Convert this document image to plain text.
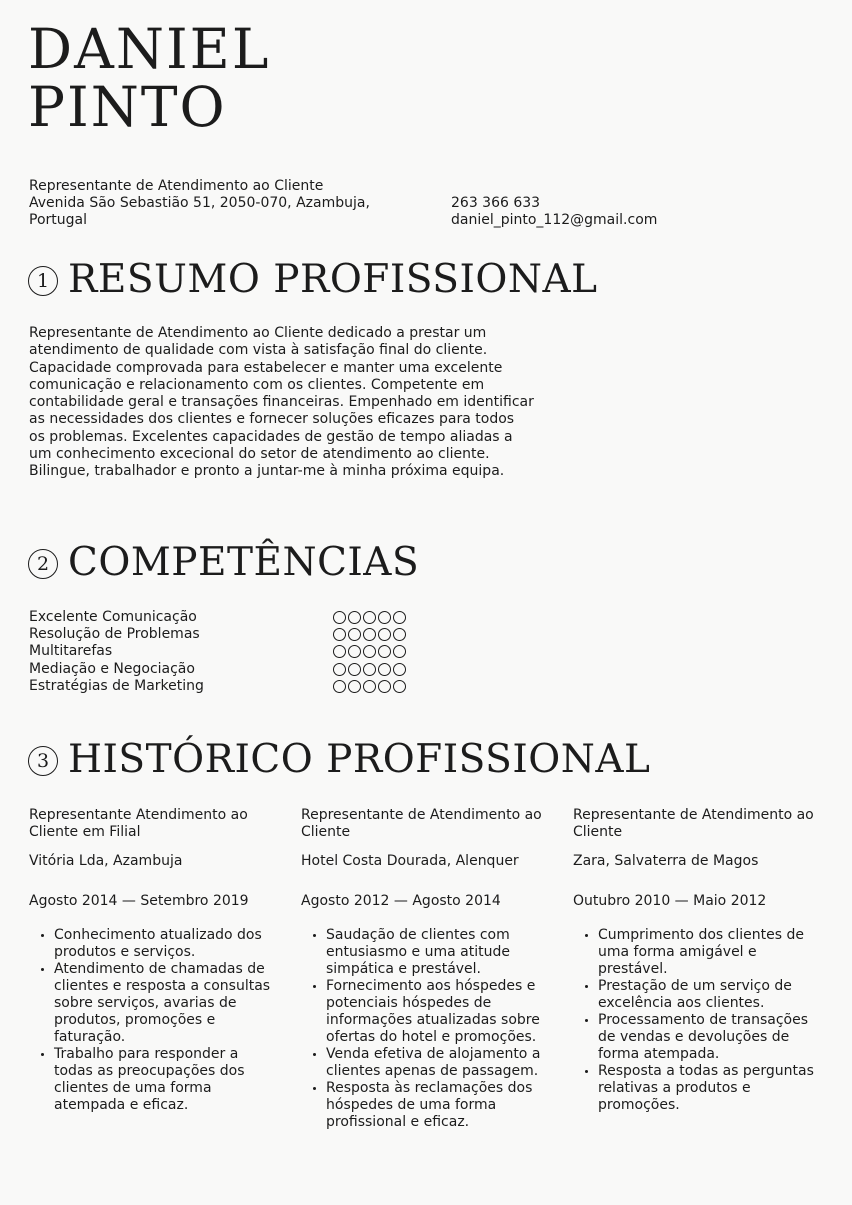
DANIEL
PINTO
Representante de Atendimento ao Cliente
Avenida São Sebastião 51, 2050-070, Azambuja, Portugal
263 366 633
daniel_pinto_112@gmail.com
1 RESUMO PROFISSIONAL

Representante de Atendimento ao Cliente dedicado a prestar um atendimento de qualidade com vista à satisfação final do cliente. Capacidade comprovada para estabelecer e manter uma excelente comunicação e relacionamento com os clientes. Competente em contabilidade geral e transações financeiras. Empenhado em identificar as necessidades dos clientes e fornecer soluções eficazes para todos os problemas. Excelentes capacidades de gestão de tempo aliadas a um conhecimento excecional do setor de atendimento ao cliente. Bilingue, trabalhador e pronto a juntar-me à minha próxima equipa.

2 COMPETÊNCIAS
Excelente Comunicação
Resolução de Problemas
Multitarefas
Mediação e Negociação
Estratégias de Marketing
3 HISTÓRICO PROFISSIONAL
Representante Atendimento ao Cliente em Filial
Vitória Lda, Azambuja
Agosto 2014 — Setembro 2019
Conhecimento atualizado dos produtos e serviços.
Atendimento de chamadas de clientes e resposta a consultas sobre serviços, avarias de produtos, promoções e faturação.
Trabalho para responder a todas as preocupações dos clientes de uma forma atempada e eficaz.
Representante de Atendimento ao Cliente
Hotel Costa Dourada, Alenquer
Agosto 2012 — Agosto 2014
Saudação de clientes com entusiasmo e uma atitude simpática e prestável.
Fornecimento aos hóspedes e potenciais hóspedes de informações atualizadas sobre ofertas do hotel e promoções.
Venda efetiva de alojamento a clientes apenas de passagem.
Resposta às reclamações dos hóspedes de uma forma profissional e eficaz.
Representante de Atendimento ao Cliente
Zara, Salvaterra de Magos
Outubro 2010 — Maio 2012
Cumprimento dos clientes de uma forma amigável e prestável.
Prestação de um serviço de excelência aos clientes.
Processamento de transações de vendas e devoluções de forma atempada.
Resposta a todas as perguntas relativas a produtos e promoções.
